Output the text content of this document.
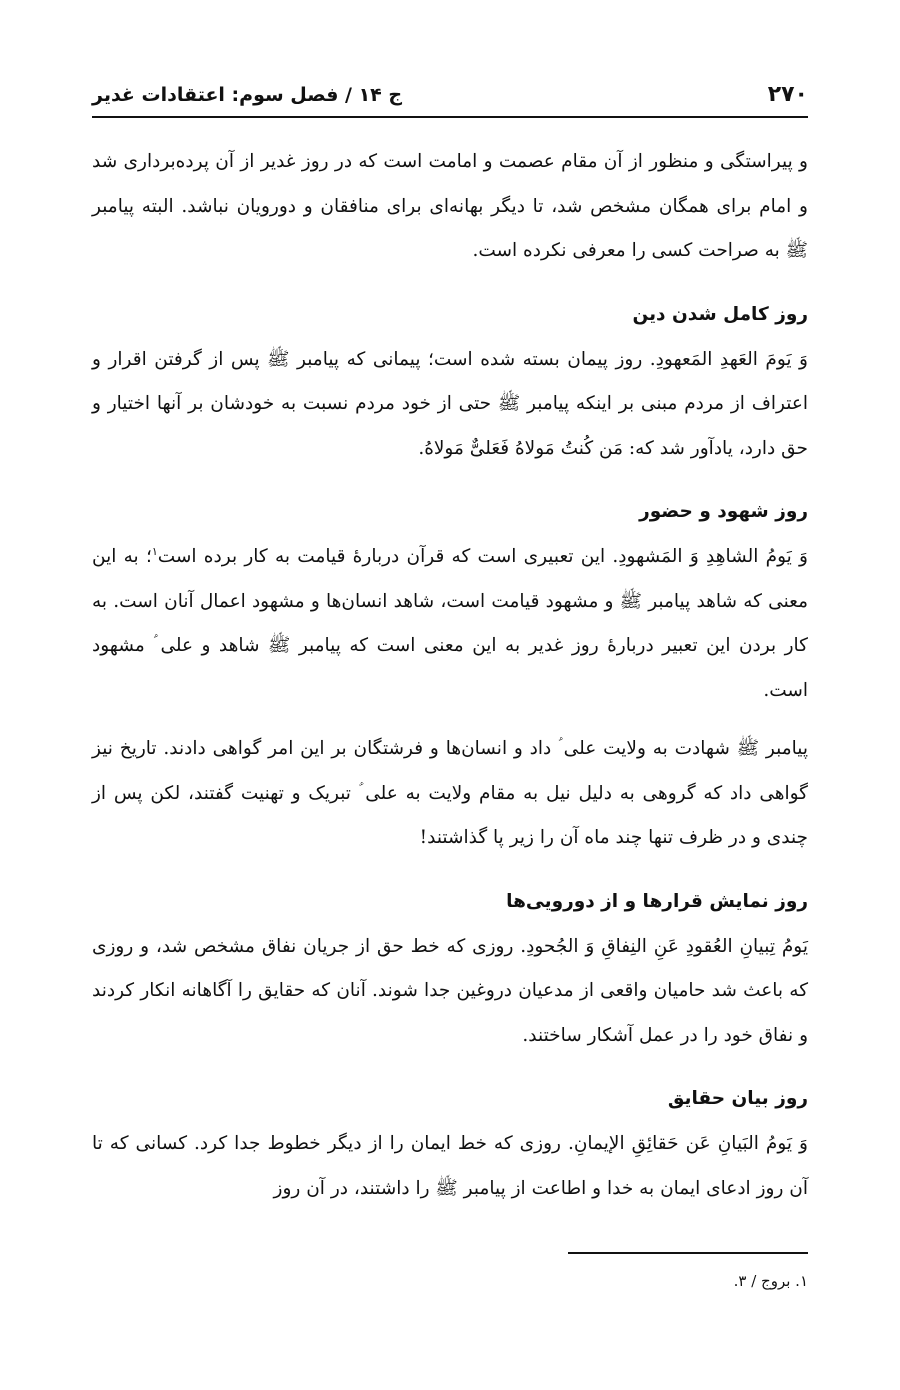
۲۷۰
ج ۱۴ / فصل سوم: اعتقادات غدیر

و پیراستگی و منظور از آن مقام عصمت و امامت است که در روز غدیر از آن پرده‌برداری شد و امام برای همگان مشخص شد، تا دیگر بهانه‌ای برای منافقان و دورویان نباشد. البته پیامبر ﷺ به صراحت کسی را معرفی نکرده است.

روز کامل شدن دین

وَ یَومَ العَهدِ المَعهودِ. روز پیمان بسته شده است؛ پیمانی که پیامبر ﷺ پس از گرفتن اقرار و اعتراف از مردم مبنی بر اینکه پیامبر ﷺ حتی از خود مردم نسبت به خودشان بر آنها اختیار و حق دارد، یادآور شد که: مَن کُنتُ مَولاهُ فَعَلیٌّ مَولاهُ.

روز شهود و حضور

وَ یَومُ الشاهِدِ وَ المَشهودِ. این تعبیری است که قرآن دربارهٔ قیامت به کار برده است$^۱$؛ به این معنی که شاهد پیامبر ﷺ و مشهود قیامت است، شاهد انسان‌ها و مشهود اعمال آنان است. به کار بردن این تعبیر دربارهٔ روز غدیر به این معنی است که پیامبر ﷺ شاهد و علی ؑ مشهود است.

پیامبر ﷺ شهادت به ولایت علی ؑ داد و انسان‌ها و فرشتگان بر این امر گواهی دادند. تاریخ نیز گواهی داد که گروهی به دلیل نیل به مقام ولایت به علی ؑ تبریک و تهنیت گفتند، لکن پس از چندی و در ظرف تنها چند ماه آن را زیر پا گذاشتند!

روز نمایش قرارها و از دورویی‌ها

یَومُ تِبیانِ العُقودِ عَنِ النِفاقِ وَ الجُحودِ. روزی که خط حق از جریان نفاق مشخص شد، و روزی که باعث شد حامیان واقعی از مدعیان دروغین جدا شوند. آنان که حقایق را آگاهانه انکار کردند و نفاق خود را در عمل آشکار ساختند.

روز بیان حقایق

وَ یَومُ البَیانِ عَن حَقائِقِ الإیمانِ. روزی که خط ایمان را از دیگر خطوط جدا کرد. کسانی که تا آن روز ادعای ایمان به خدا و اطاعت از پیامبر ﷺ را داشتند، در آن روز

۱. بروج / ۳.
